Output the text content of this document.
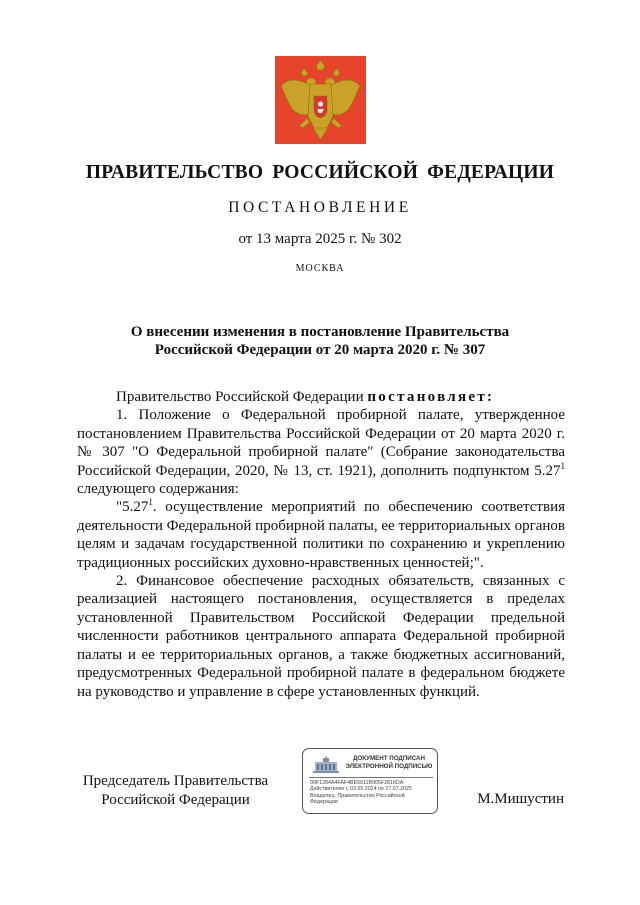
ПРАВИТЕЛЬСТВО РОССИЙСКОЙ ФЕДЕРАЦИИ
ПОСТАНОВЛЕНИЕ
от 13 марта 2025 г. № 302
МОСКВА
О внесении изменения в постановление Правительства
Российской Федерации от 20 марта 2020 г. № 307

Правительство Российской Федерации постановляет:

1. Положение о Федеральной пробирной палате, утвержденное постановлением Правительства Российской Федерации от 20 марта 2020 г. № 307 "О Федеральной пробирной палате" (Собрание законодательства Российской Федерации, 2020, № 13, ст. 1921), дополнить подпунктом 5.27$^1$ следующего содержания:

"5.27$^1$. осуществление мероприятий по обеспечению соответствия деятельности Федеральной пробирной палаты, ее территориальных органов целям и задачам государственной политики по сохранению и укреплению традиционных российских духовно-нравственных ценностей;".

2. Финансовое обеспечение расходных обязательств, связанных с реализацией настоящего постановления, осуществляется в пределах установленной Правительством Российской Федерации предельной численности работников центрального аппарата Федеральной пробирной палаты и ее территориальных органов, а также бюджетных ассигнований, предусмотренных Федеральной пробирной палате в федеральном бюджете на руководство и управление в сфере установленных функций.

Председатель Правительства
Российской Федерации
ДОКУМЕНТ ПОДПИСАН
ЭЛЕКТРОННОЙ ПОДПИСЬЮ
00F1284A4FAF4BE5911B905F2816DA
Действителен с 03.05.2024 по 27.07.2025
Владелец: Правительство Российской
Федерации	М.Мишустин
